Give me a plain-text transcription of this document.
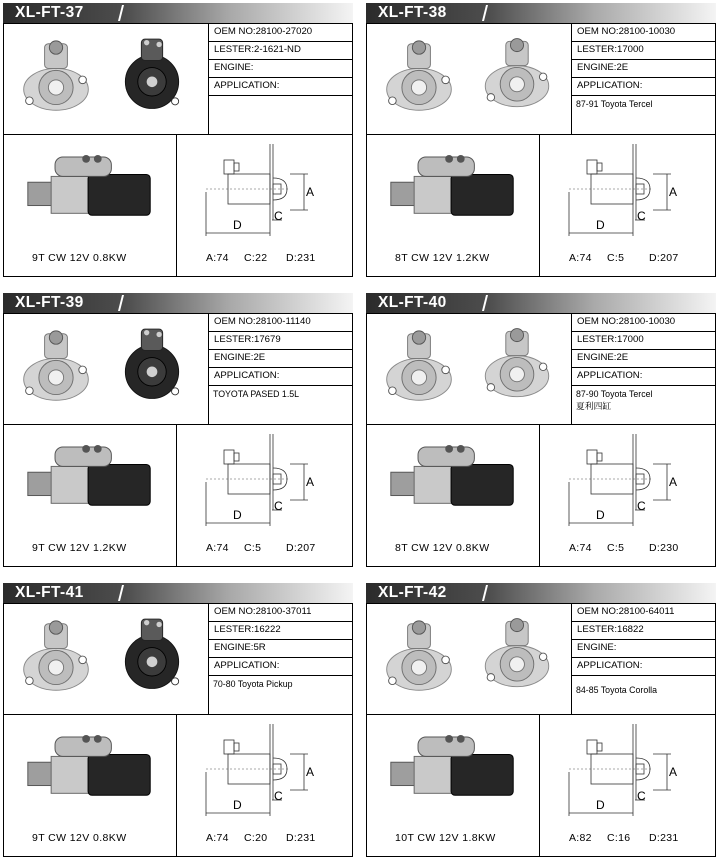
XL-FT-37
OEM NO:28100-27020
LESTER:2-1621-ND
ENGINE:
APPLICATION:
9T CW 12V 0.8KW
A
C
D
A:74 C:22 D:231
XL-FT-38
OEM NO:28100-10030
LESTER:17000
ENGINE:2E
APPLICATION:
87-91 Toyota Tercel
8T CW 12V 1.2KW
A
C
D
A:74 C:5 D:207
XL-FT-39
OEM NO:28100-11140
LESTER:17679
ENGINE:2E
APPLICATION:
TOYOTA PASED 1.5L
9T CW 12V 1.2KW
A
C
D
A:74 C:5 D:207
XL-FT-40
OEM NO:28100-10030
LESTER:17000
ENGINE:2E
APPLICATION:
87-90 Toyota Tercel
夏利四缸
8T CW 12V 0.8KW
A
C
D
A:74 C:5 D:230
XL-FT-41
OEM NO:28100-37011
LESTER:16222
ENGINE:5R
APPLICATION:
70-80 Toyota Pickup
9T CW 12V 0.8KW
A
C
D
A:74 C:20 D:231
XL-FT-42
OEM NO:28100-64011
LESTER:16822
ENGINE:
APPLICATION:
84-85 Toyota Corolla
10T CW 12V 1.8KW
A
C
D
A:82 C:16 D:231
